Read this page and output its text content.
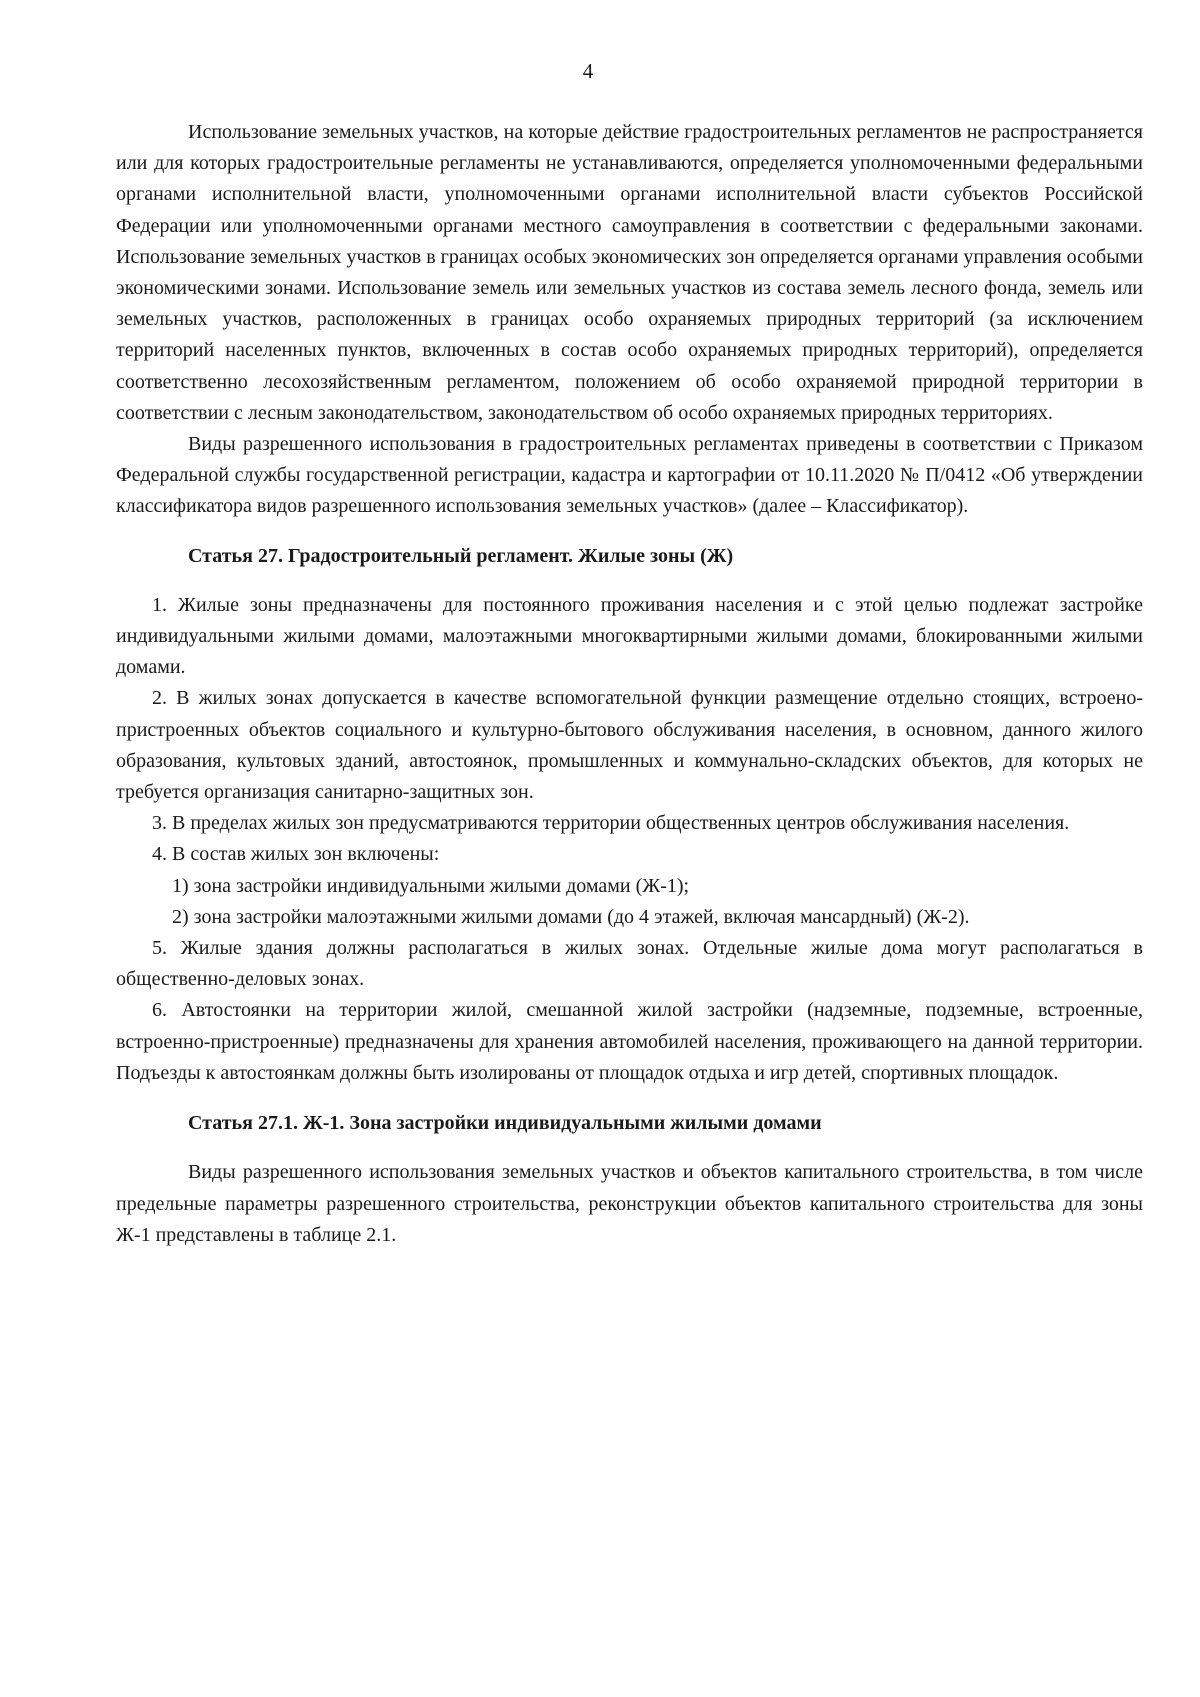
4

Использование земельных участков, на которые действие градостроительных регламентов не распространяется или для которых градостроительные регламенты не устанавливаются, определяется уполномоченными федеральными органами исполнительной власти, уполномоченными органами исполнительной власти субъектов Российской Федерации или уполномоченными органами местного самоуправления в соответствии с федеральными законами. Использование земельных участков в границах особых экономических зон определяется органами управления особыми экономическими зонами. Использование земель или земельных участков из состава земель лесного фонда, земель или земельных участков, расположенных в границах особо охраняемых природных территорий (за исключением территорий населенных пунктов, включенных в состав особо охраняемых природных территорий), определяется соответственно лесохозяйственным регламентом, положением об особо охраняемой природной территории в соответствии с лесным законодательством, законодательством об особо охраняемых природных территориях.

Виды разрешенного использования в градостроительных регламентах приведены в соответствии с Приказом Федеральной службы государственной регистрации, кадастра и картографии от 10.11.2020 № П/0412 «Об утверждении классификатора видов разрешенного использования земельных участков» (далее – Классификатор).

Статья 27. Градостроительный регламент. Жилые зоны (Ж)

1. Жилые зоны предназначены для постоянного проживания населения и с этой целью подлежат застройке индивидуальными жилыми домами, малоэтажными многоквартирными жилыми домами, блокированными жилыми домами.

2. В жилых зонах допускается в качестве вспомогательной функции размещение отдельно стоящих, встроено-пристроенных объектов социального и культурно-бытового обслуживания населения, в основном, данного жилого образования, культовых зданий, автостоянок, промышленных и коммунально-складских объектов, для которых не требуется организация санитарно-защитных зон.

3. В пределах жилых зон предусматриваются территории общественных центров обслуживания населения.

4. В состав жилых зон включены:

1) зона застройки индивидуальными жилыми домами (Ж-1);

2) зона застройки малоэтажными жилыми домами (до 4 этажей, включая мансардный) (Ж-2).

5. Жилые здания должны располагаться в жилых зонах. Отдельные жилые дома могут располагаться в общественно-деловых зонах.

6. Автостоянки на территории жилой, смешанной жилой застройки (надземные, подземные, встроенные, встроенно-пристроенные) предназначены для хранения автомобилей населения, проживающего на данной территории. Подъезды к автостоянкам должны быть изолированы от площадок отдыха и игр детей, спортивных площадок.

Статья 27.1. Ж-1. Зона застройки индивидуальными жилыми домами

Виды разрешенного использования земельных участков и объектов капитального строительства, в том числе предельные параметры разрешенного строительства, реконструкции объектов капитального строительства для зоны Ж-1 представлены в таблице 2.1.
